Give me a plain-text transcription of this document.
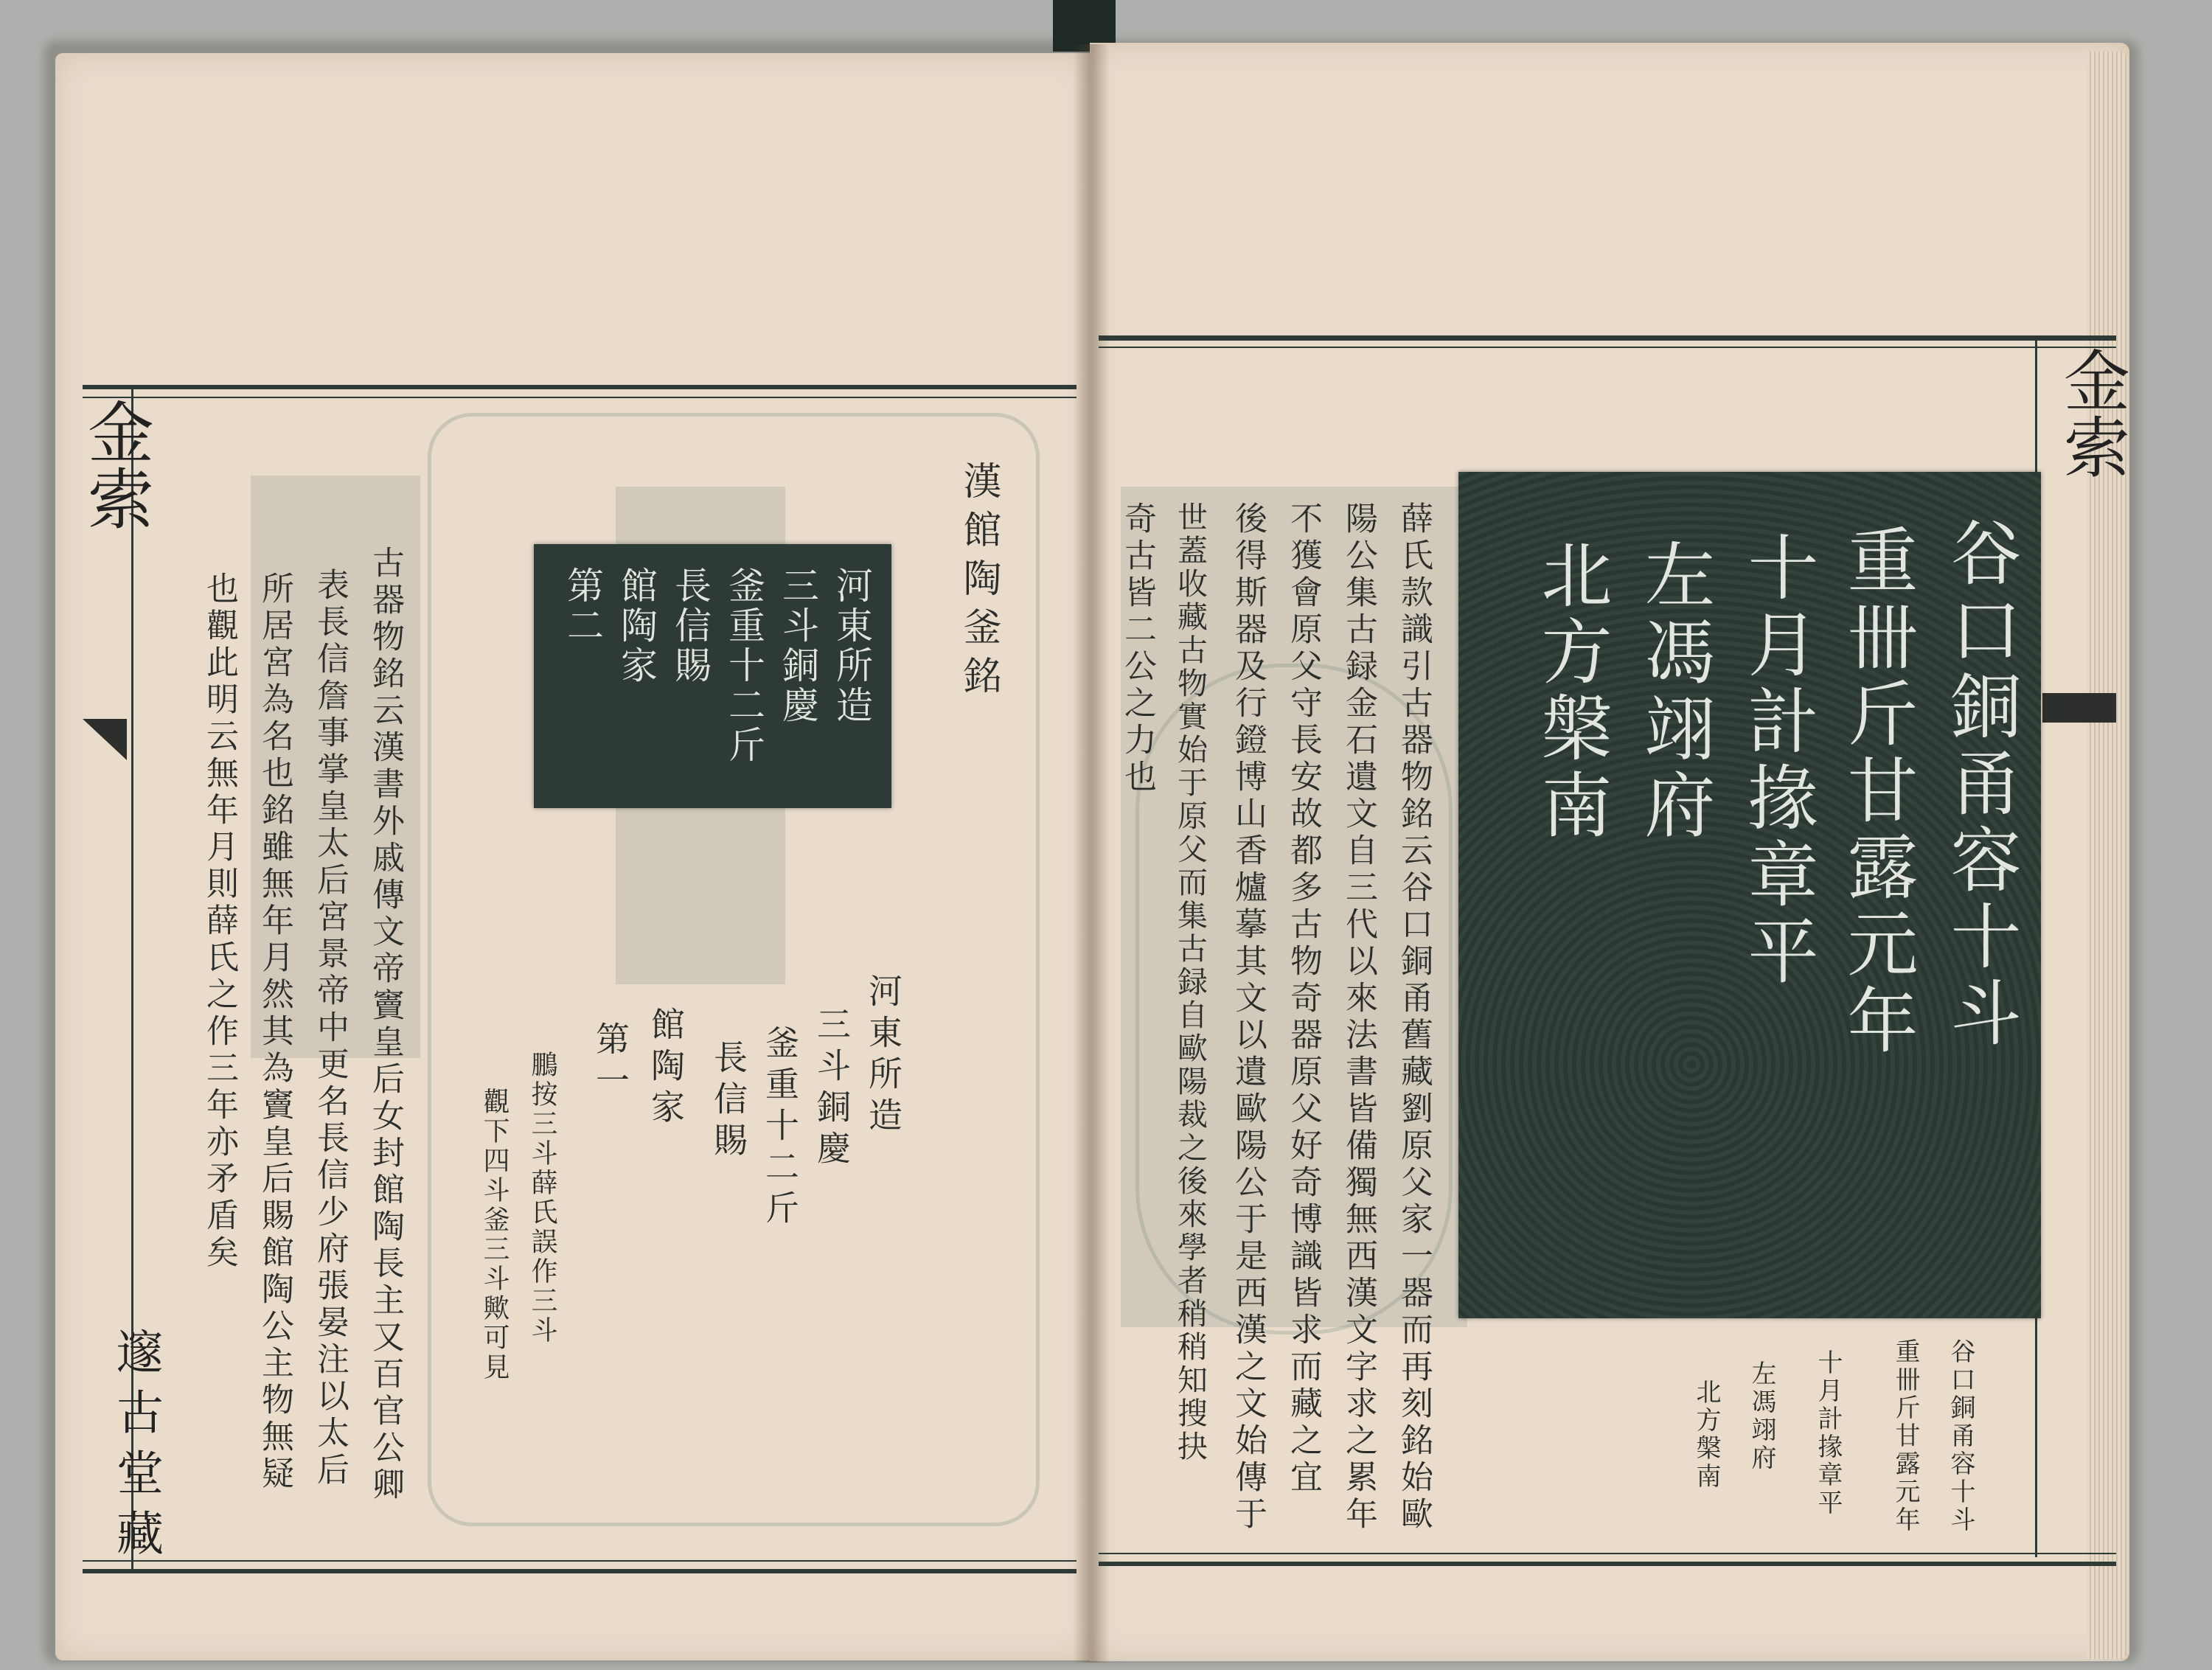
金索
邃古堂藏
金索
漢館陶釜銘
河東所造
三斗銅慶
釜重十二斤
長信賜
館陶家
第二
河東所造
三斗銅慶
釜重十二斤
長信賜
館陶家
第一
鵬按三斗薛氏誤作三斗
觀下四斗釜三斗歟可見
古器物銘云漢書外戚傳文帝竇皇后女封館陶長主又百官公卿
表長信詹事掌皇太后宮景帝中更名長信少府張晏注以太后
所居宮為名也銘雖無年月然其為竇皇后賜館陶公主物無疑
也觀此明云無年月則薛氏之作三年亦矛盾矣	谷口銅甬容十斗
重卌斤甘露元年
十月計掾章平
左馮翊府
北方槃南
谷口銅甬容十斗
重卌斤甘露元年
十月計掾章平
左馮翊府
北方槃南
薛氏款識引古器物銘云谷口銅甬舊藏劉原父家一器而再刻銘始歐
陽公集古録金石遺文自三代以來法書皆備獨無西漢文字求之累年
不獲會原父守長安故都多古物奇器原父好奇博識皆求而藏之宜
後得斯器及行鐙博山香爐摹其文以遺歐陽公于是西漢之文始傳于
世蓋收藏古物實始于原父而集古録自歐陽裁之後來學者稍稍知搜抉
奇古皆二公之力也
